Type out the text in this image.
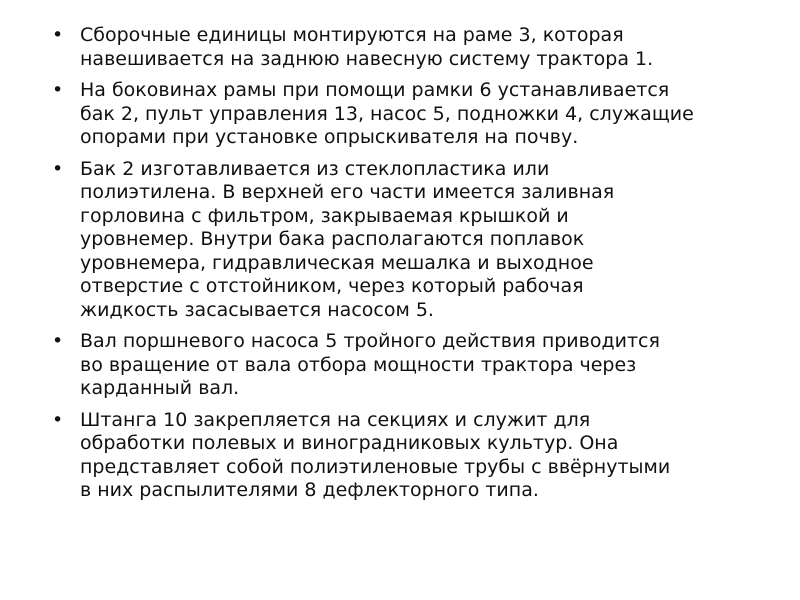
• Сборочные единицы монтируются на раме 3, которая
навешивается на заднюю навесную систему трактора 1.
• На боковинах рамы при помощи рамки 6 устанавливается
бак 2, пульт управления 13, насос 5, подножки 4, служащие
опорами при установке опрыскивателя на почву.
• Бак 2 изготавливается из стеклопластика или
полиэтилена. В верхней его части имеется заливная
горловина с фильтром, закрываемая крышкой и
уровнемер. Внутри бака располагаются поплавок
уровнемера, гидравлическая мешалка и выходное
отверстие с отстойником, через который рабочая
жидкость засасывается насосом 5.
• Вал поршневого насоса 5 тройного действия приводится
во вращение от вала отбора мощности трактора через
карданный вал.
• Штанга 10 закрепляется на секциях и служит для
обработки полевых и виноградниковых культур. Она
представляет собой полиэтиленовые трубы с ввёрнутыми
в них распылителями 8 дефлекторного типа.
